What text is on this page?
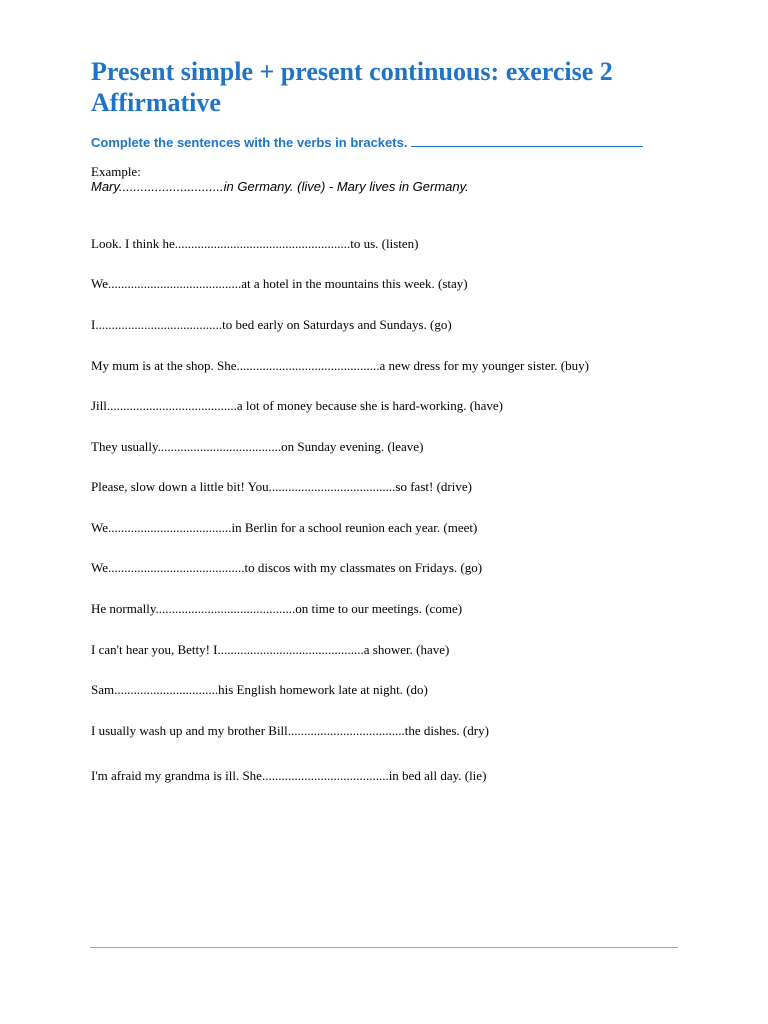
Present simple + present continuous: exercise 2
Affirmative
Complete the sentences with the verbs in brackets.
Example:
Mary.............................in Germany. (live) - Mary lives in Germany.
Look. I think he......................................................to us. (listen)
We.........................................at a hotel in the mountains this week. (stay)
I.......................................to bed early on Saturdays and Sundays. (go)
My mum is at the shop. She............................................a new dress for my younger sister. (buy)
Jill........................................a lot of money because she is hard-working. (have)
They usually......................................on Sunday evening. (leave)
Please, slow down a little bit! You.......................................so fast! (drive)
We......................................in Berlin for a school reunion each year. (meet)
We..........................................to discos with my classmates on Fridays. (go)
He normally...........................................on time to our meetings. (come)
I can't hear you, Betty! I.............................................a shower. (have)
Sam................................his English homework late at night. (do)
I usually wash up and my brother Bill....................................the dishes. (dry)
I'm afraid my grandma is ill. She.......................................in bed all day. (lie)
